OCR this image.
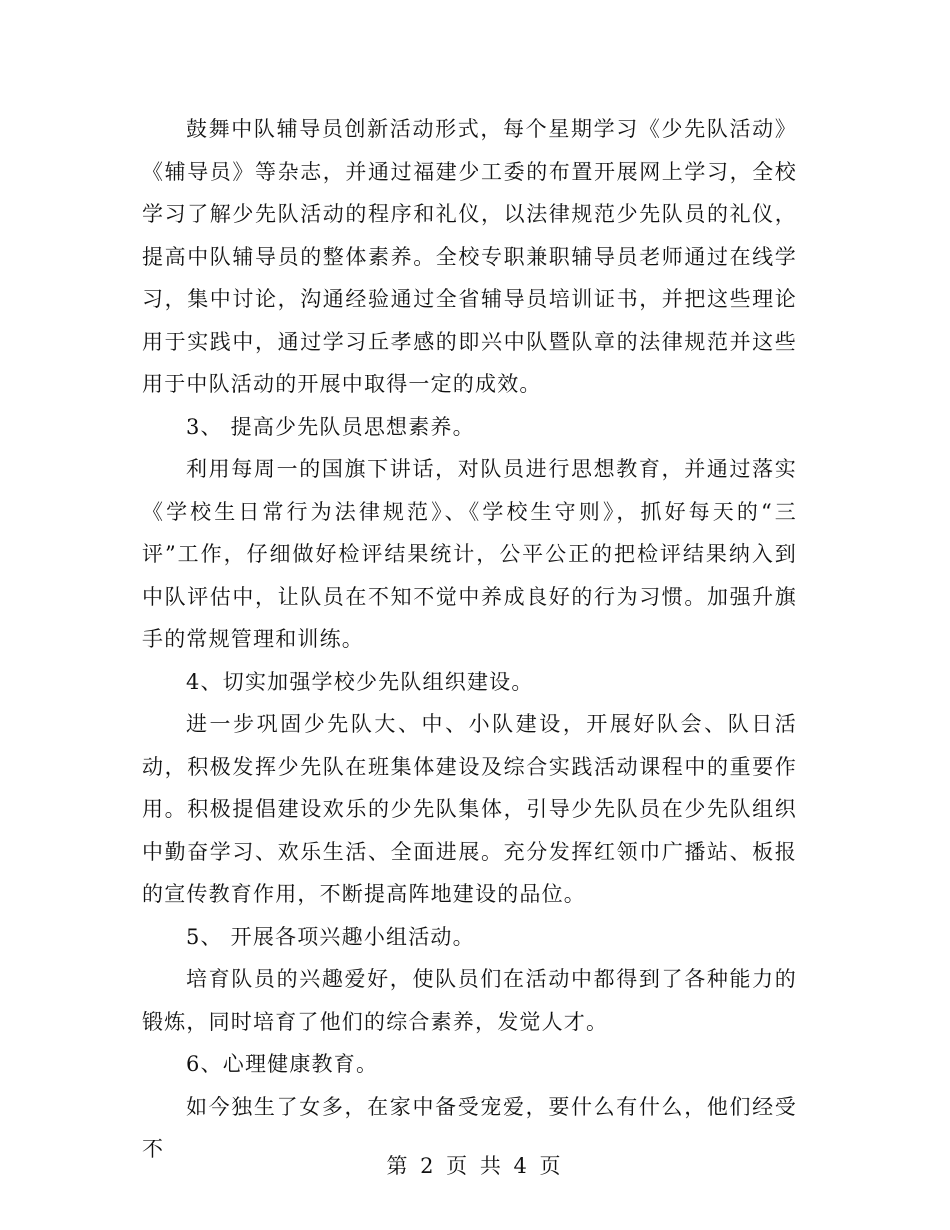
鼓舞中队辅导员创新活动形式，每个星期学习《少先队活动》《辅导员》等杂志，并通过福建少工委的布置开展网上学习，全校学习了解少先队活动的程序和礼仪，以法律规范少先队员的礼仪，提高中队辅导员的整体素养。全校专职兼职辅导员老师通过在线学习，集中讨论，沟通经验通过全省辅导员培训证书，并把这些理论用于实践中，通过学习丘孝感的即兴中队暨队章的法律规范并这些用于中队活动的开展中取得一定的成效。

3、 提高少先队员思想素养。

利用每周一的国旗下讲话，对队员进行思想教育，并通过落实《学校生日常行为法律规范》、《学校生守则》，抓好每天的“三评”工作，仔细做好检评结果统计，公平公正的把检评结果纳入到中队评估中，让队员在不知不觉中养成良好的行为习惯。加强升旗手的常规管理和训练。

4、切实加强学校少先队组织建设。

进一步巩固少先队大、中、小队建设，开展好队会、队日活动，积极发挥少先队在班集体建设及综合实践活动课程中的重要作用。积极提倡建设欢乐的少先队集体，引导少先队员在少先队组织中勤奋学习、欢乐生活、全面进展。充分发挥红领巾广播站、板报的宣传教育作用，不断提高阵地建设的品位。

5、 开展各项兴趣小组活动。

培育队员的兴趣爱好，使队员们在活动中都得到了各种能力的锻炼，同时培育了他们的综合素养，发觉人才。

6、心理健康教育。

如今独生了女多，在家中备受宠爱，要什么有什么，他们经受不

第 2 页 共 4 页
